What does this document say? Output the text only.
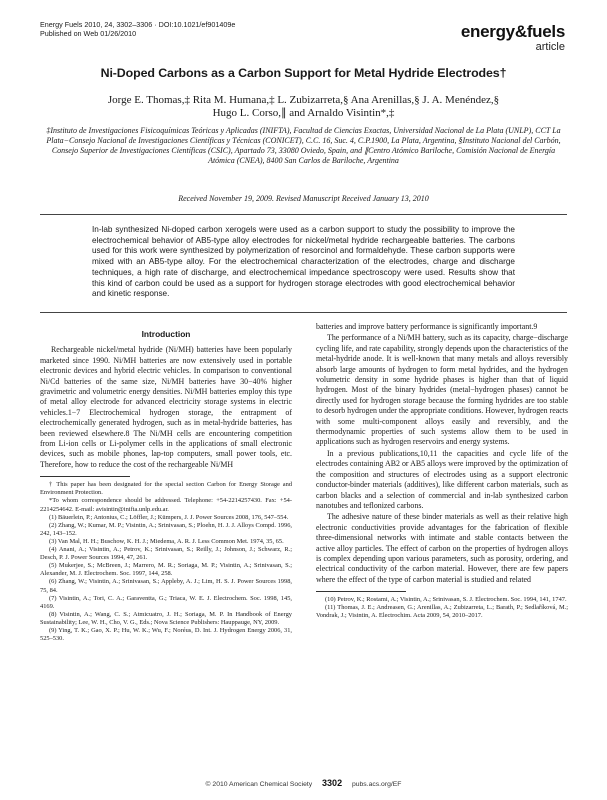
Energy Fuels 2010, 24, 3302–3306 · DOI:10.1021/ef901409e
Published on Web 01/26/2010	energy&fuels
article
Ni-Doped Carbons as a Carbon Support for Metal Hydride Electrodes†
Jorge E. Thomas,‡ Rita M. Humana,‡ L. Zubizarreta,§ Ana Arenillas,§ J. A. Menéndez,§
Hugo L. Corso,∥ and Arnaldo Visintin*,‡
‡Instituto de Investigaciones Fisicoquímicas Teóricas y Aplicadas (INIFTA), Facultad de Ciencias Exactas, Universidad Nacional de La Plata (UNLP), CCT La Plata−Consejo Nacional de Investigaciones Científicas y Técnicas (CONICET), C.C. 16, Suc. 4, C.P.1900, La Plata, Argentina, §Instituto Nacional del Carbón, Consejo Superior de Investigaciones Científicas (CSIC), Apartado 73, 33080 Oviedo, Spain, and ∥Centro Atómico Bariloche, Comisión Nacional de Energía Atómica (CNEA), 8400 San Carlos de Bariloche, Argentina
Received November 19, 2009. Revised Manuscript Received January 13, 2010
In-lab synthesized Ni-doped carbon xerogels were used as a carbon support to study the possibility to improve the electrochemical behavior of AB5-type alloy electrodes for nickel/metal hydride rechargeable batteries. The carbons used for this work were synthesized by polymerization of resorcinol and formaldehyde. These carbon supports were mixed with an AB5-type alloy. For the electrochemical characterization of the electrodes, charge and discharge techniques, a high rate of discharge, and electrochemical impedance spectroscopy were used. Results show that this kind of carbon could be used as a support for hydrogen storage electrodes with good electrochemical behavior and kinetic response.
Introduction

Rechargeable nickel/metal hydride (Ni/MH) batteries have been popularly marketed since 1990. Ni/MH batteries are now extensively used in portable electronic devices and hybrid electric vehicles. In comparison to conventional Ni/Cd batteries of the same size, Ni/MH batteries have 30−40% higher gravimetric and volumetric energy densities. Ni/MH batteries employ this type of metal alloy electrode for advanced electricity storage systems in electric vehicles.1−7 Electrochemical hydrogen storage, the entrapment of electrochemically generated hydrogen, such as in metal-hydride batteries, has been reviewed elsewhere.8 The Ni/MH cells are encountering competition from Li-ion cells or Li-polymer cells in the applications of small electronic devices, such as mobile phones, lap-top computers, small power tools, etc. Therefore, how to reduce the cost of the rechargeable Ni/MH

† This paper has been designated for the special section Carbon for Energy Storage and Environment Protection.

*To whom correspondence should be addressed. Telephone: +54-2214257430. Fax: +54-2214254642. E-mail: avisintin@inifta.unlp.edu.ar.

(1) Bäuerlein, P.; Antonius, C.; Löffler, J.; Kümpers, J. J. Power Sources 2008, 176, 547–554.

(2) Zhang, W.; Kumar, M. P.; Visintin, A.; Srinivasan, S.; Ploehn, H. J. J. Alloys Compd. 1996, 242, 143–152.

(3) Van Mal, H. H.; Buschow, K. H. J.; Miedema, A. R. J. Less Common Met. 1974, 35, 65.

(4) Anani, A.; Visintin, A.; Petrov, K.; Srinivasan, S.; Reilly, J.; Johnson, J.; Schwarz, R.; Desch, P. J. Power Sources 1994, 47, 261.

(5) Mukerjee, S.; McBreen, J.; Marrero, M. R.; Soriaga, M. P.; Visintin, A.; Srinivasan, S.; Alexander, M. J. Electrochem. Soc. 1997, 144, 258.

(6) Zhang, W.; Visintin, A.; Srinivasan, S.; Appleby, A. J.; Lim, H. S. J. Power Sources 1998, 75, 84.

(7) Visintin, A.; Tori, C. A.; Garaventta, G.; Triaca, W. E. J. Electrochem. Soc. 1998, 145, 4169.

(8) Visintin, A.; Wang, C. S.; Atmicuatro, J. H.; Soriaga, M. P. In Handbook of Energy Sustainability; Lee, W. H., Cho, V. G., Eds.; Nova Science Publishers: Hauppauge, NY, 2009.

(9) Ying, T. K.; Gao, X. P.; Hu, W. K.; Wu, F.; Noréus, D. Int. J. Hydrogen Energy 2006, 31, 525–530.

batteries and improve battery performance is significantly important.9

The performance of a Ni/MH battery, such as its capacity, charge−discharge cycling life, and rate capability, strongly depends upon the characteristics of the metal-hydride anode. It is well-known that many metals and alloys reversibly absorb large amounts of hydrogen to form metal hydrides, and the hydrogen volumetric density in some hydride phases is higher than that of liquid hydrogen. Most of the binary hydrides (metal−hydrogen phases) cannot be directly used for hydrogen storage because the forming hydrides are too stable to desorb hydrogen under the appropriate conditions. However, hydrogen reacts with some multi-component alloys easily and reversibly, and the thermodynamic properties of such systems allow them to be used in applications such as hydrogen reservoirs and energy systems.

In a previous publications,10,11 the capacities and cycle life of the electrodes containing AB2 or AB5 alloys were improved by the optimization of the composition and structures of electrodes using as a support electronic conductor-binder materials (additives), like different carbon materials, such as carbon blacks and a selection of commercial and in-lab synthesized carbon nanotubes and teflonized carbons.

The adhesive nature of these binder materials as well as their relative high electronic conductivities provide advantages for the fabrication of flexible three-dimensional networks with intimate and stable contacts between the active alloy particles. The effect of carbon on the properties of hydrogen alloys is complex depending upon various parameters, such as porosity, ordering, and electrical conductivity of the carbon material. However, there are few papers where the effect of the type of carbon material is studied and related

(10) Petrov, K.; Rostami, A.; Visintin, A.; Srinivasan, S. J. Electrochem. Soc. 1994, 141, 1747.

(11) Thomas, J. E.; Andreasen, G.; Arenillas, A.; Zubizarreta, L.; Barath, P.; Sedlaříková, M.; Vondrak, J.; Visintin, A. Electrochim. Acta 2009, 54, 2010–2017.

© 2010 American Chemical Society 3302 pubs.acs.org/EF
